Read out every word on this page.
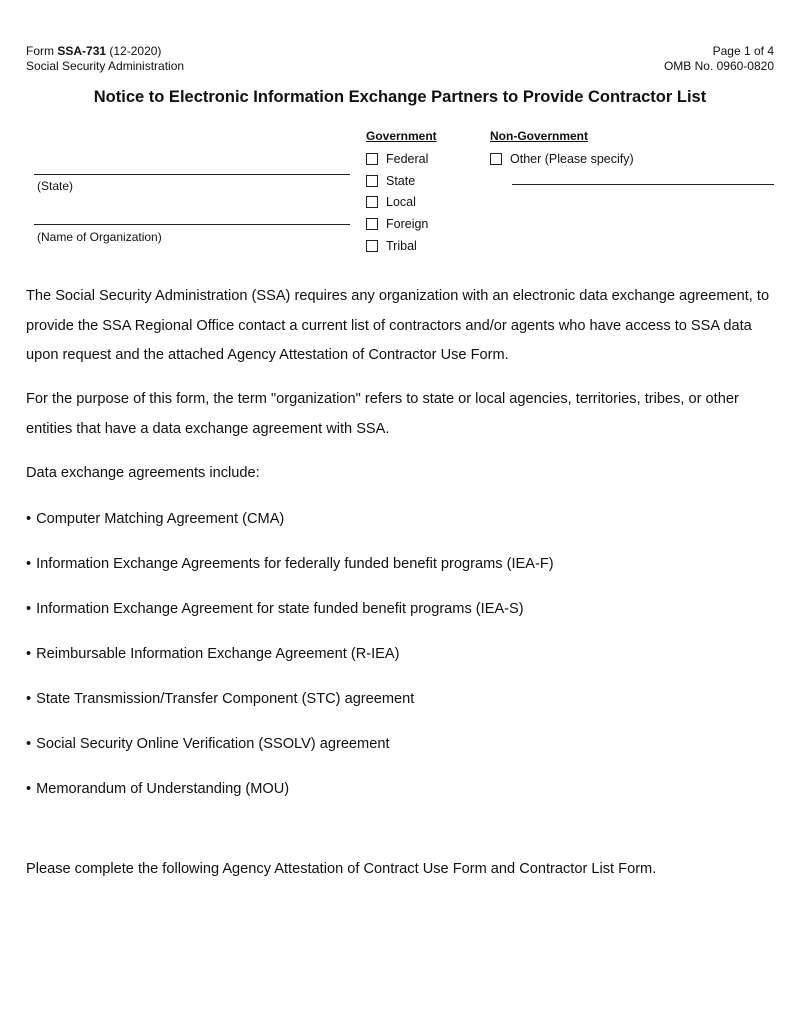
Form SSA-731 (12-2020)
Social Security Administration
Page 1 of 4
OMB No. 0960-0820
Notice to Electronic Information Exchange Partners to Provide Contractor List
(State)
(Name of Organization)
Government
Federal
State
Local
Foreign
Tribal
Non-Government
Other (Please specify)
The Social Security Administration (SSA) requires any organization with an electronic data exchange agreement, to provide the SSA Regional Office contact a current list of contractors and/or agents who have access to SSA data upon request and the attached Agency Attestation of Contractor Use Form.
For the purpose of this form, the term "organization" refers to state or local agencies, territories, tribes, or other entities that have a data exchange agreement with SSA.
Data exchange agreements include:
• Computer Matching Agreement (CMA)
• Information Exchange Agreements for federally funded benefit programs (IEA-F)
• Information Exchange Agreement for state funded benefit programs (IEA-S)
• Reimbursable Information Exchange Agreement (R-IEA)
• State Transmission/Transfer Component (STC) agreement
• Social Security Online Verification (SSOLV) agreement
• Memorandum of Understanding (MOU)
Please complete the following Agency Attestation of Contract Use Form and Contractor List Form.
